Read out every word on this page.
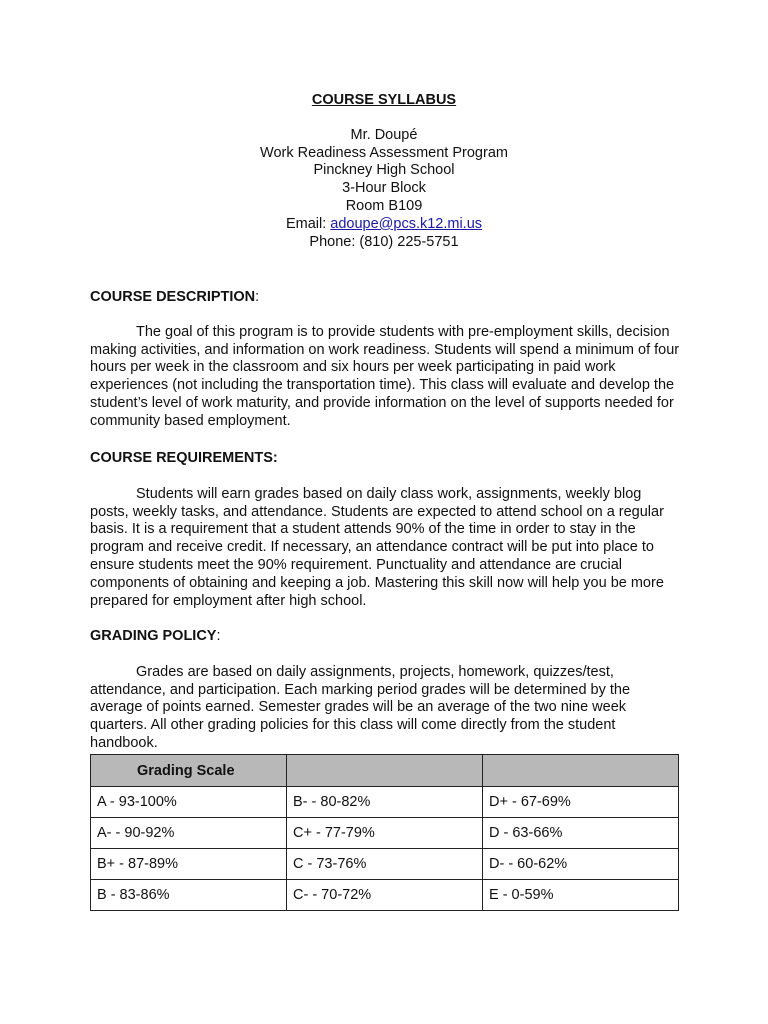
COURSE SYLLABUS
Mr. Doupé
Work Readiness Assessment Program
Pinckney High School
3-Hour Block
Room B109
Email: adoupe@pcs.k12.mi.us
Phone: (810) 225-5751
COURSE DESCRIPTION:

The goal of this program is to provide students with pre-employment skills, decision making activities, and information on work readiness. Students will spend a minimum of four hours per week in the classroom and six hours per week participating in paid work experiences (not including the transportation time). This class will evaluate and develop the student’s level of work maturity, and provide information on the level of supports needed for community based employment.

COURSE REQUIREMENTS:

Students will earn grades based on daily class work, assignments, weekly blog posts, weekly tasks, and attendance. Students are expected to attend school on a regular basis. It is a requirement that a student attends 90% of the time in order to stay in the program and receive credit. If necessary, an attendance contract will be put into place to ensure students meet the 90% requirement. Punctuality and attendance are crucial components of obtaining and keeping a job. Mastering this skill now will help you be more prepared for employment after high school.

GRADING POLICY:

Grades are based on daily assignments, projects, homework, quizzes/test, attendance, and participation. Each marking period grades will be determined by the average of points earned. Semester grades will be an average of the two nine week quarters. All other grading policies for this class will come directly from the student handbook.

Grading Scale		
A - 93-100%	B- - 80-82%	D+ - 67-69%
A- - 90-92%	C+ - 77-79%	D - 63-66%
B+ - 87-89%	C - 73-76%	D- - 60-62%
B - 83-86%	C- - 70-72%	E - 0-59%
